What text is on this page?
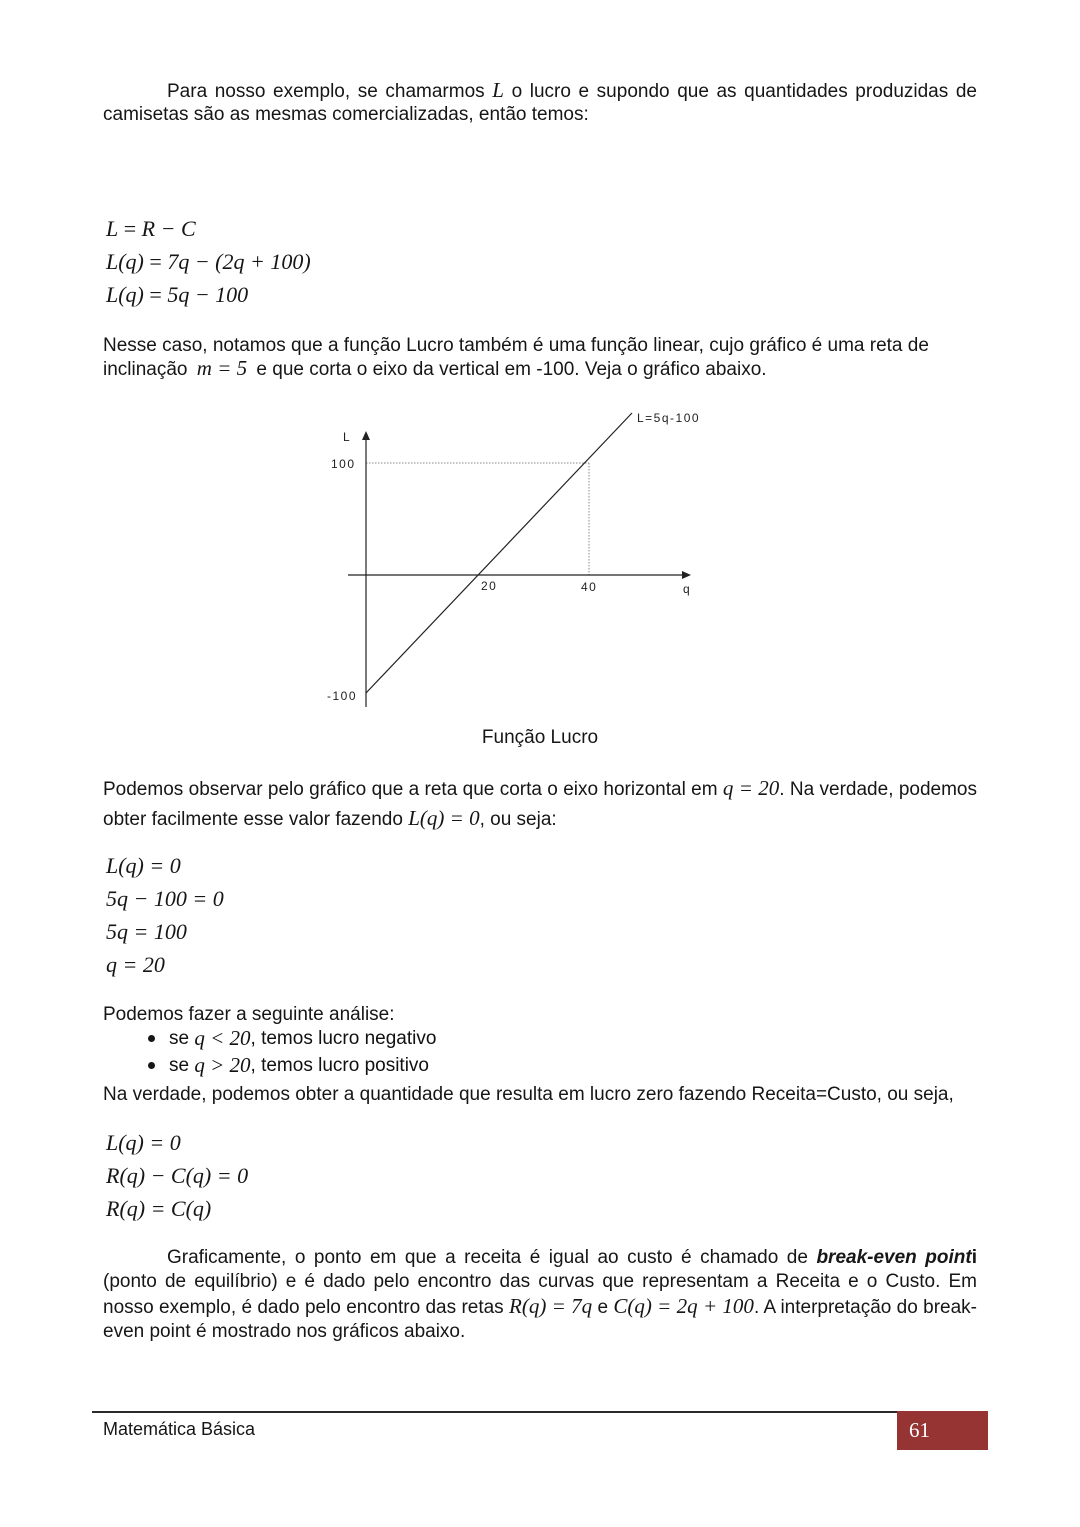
Para nosso exemplo, se chamarmos L o lucro e supondo que as quantidades produzidas de camisetas são as mesmas comercializadas, então temos:
L = R − C
L(q) = 7q − (2q + 100)
L(q) = 5q − 100
Nesse caso, notamos que a função Lucro também é uma função linear, cujo gráfico é uma reta de
inclinação m = 5 e que corta o eixo da vertical em -100. Veja o gráfico abaixo.
L
100
-100
20	40	q
L=5q-100
Função Lucro
Podemos observar pelo gráfico que a reta que corta o eixo horizontal em q = 20. Na verdade, podemos obter facilmente esse valor fazendo L(q) = 0, ou seja:
L(q) = 0
5q − 100 = 0
5q = 100
q = 20
Podemos fazer a seguinte análise:
se
q < 20 , temos lucro negativo
se
q > 20 , temos lucro positivo
Na verdade, podemos obter a quantidade que resulta em lucro zero fazendo Receita=Custo, ou seja,
L(q) = 0
R(q) − C(q) = 0
R(q) = C(q)
Graficamente, o ponto em que a receita é igual ao custo é chamado de break-even pointi (ponto de equilíbrio) e é dado pelo encontro das curvas que representam a Receita e o Custo. Em nosso exemplo, é dado pelo encontro das retas R(q) = 7q e C(q) = 2q + 100. A interpretação do break-even point é mostrado nos gráficos abaixo.
Matemática Básica	61
